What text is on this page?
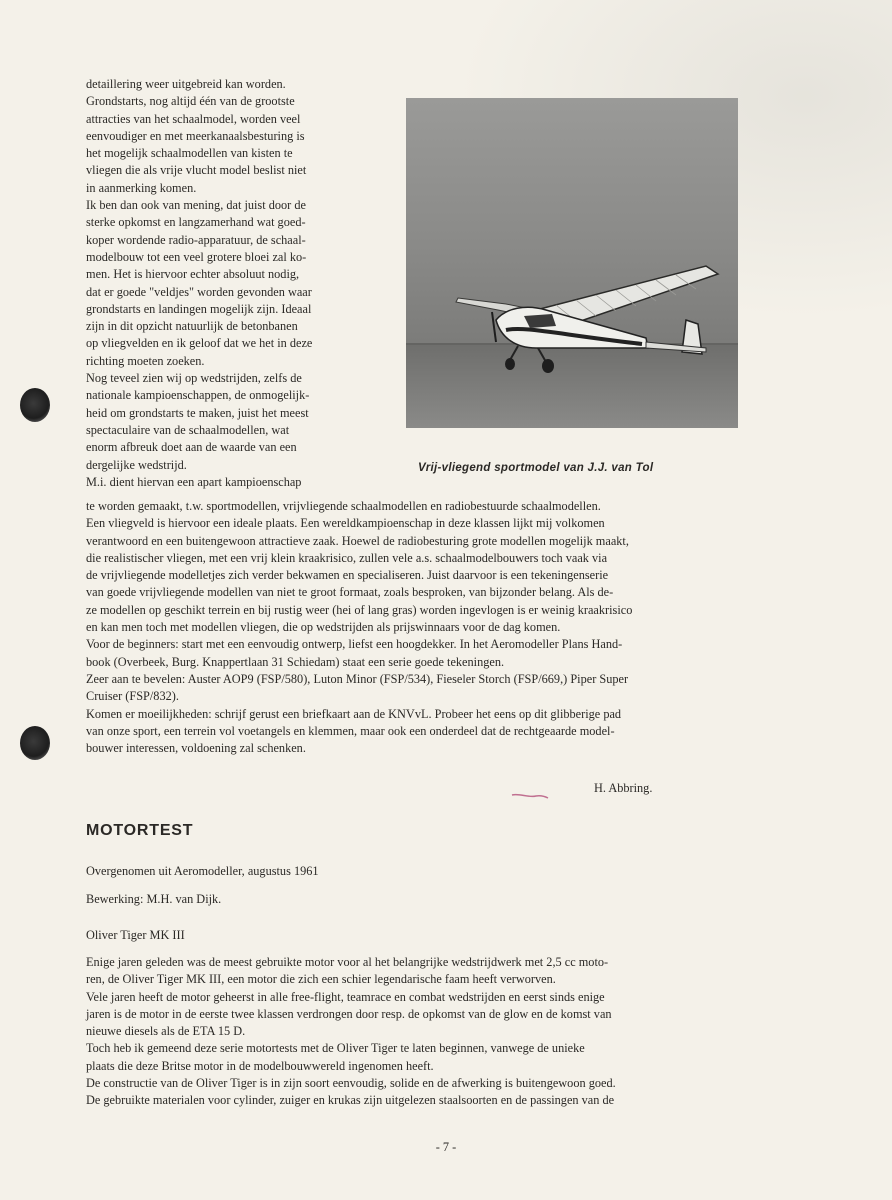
detaillering weer uitgebreid kan worden.

Grondstarts, nog altijd één van de grootste

attracties van het schaalmodel, worden veel

eenvoudiger en met meerkanaalsbesturing is

het mogelijk schaalmodellen van kisten te

vliegen die als vrije vlucht model beslist niet

in aanmerking komen.

Ik ben dan ook van mening, dat juist door de

sterke opkomst en langzamerhand wat goed-

koper wordende radio-apparatuur, de schaal-

modelbouw tot een veel grotere bloei zal ko-

men. Het is hiervoor echter absoluut nodig,

dat er goede "veldjes" worden gevonden waar

grondstarts en landingen mogelijk zijn. Ideaal

zijn in dit opzicht natuurlijk de betonbanen

op vliegvelden en ik geloof dat we het in deze

richting moeten zoeken.

Nog teveel zien wij op wedstrijden, zelfs de

nationale kampioenschappen, de onmogelijk-

heid om grondstarts te maken, juist het meest

spectaculaire van de schaalmodellen, wat

enorm afbreuk doet aan de waarde van een

dergelijke wedstrijd.

M.i. dient hiervan een apart kampioenschap

Vrij-vliegend sportmodel van J.J. van Tol

te worden gemaakt, t.w. sportmodellen, vrijvliegende schaalmodellen en radiobestuurde schaalmodellen.

Een vliegveld is hiervoor een ideale plaats. Een wereldkampioenschap in deze klassen lijkt mij volkomen

verantwoord en een buitengewoon attractieve zaak. Hoewel de radiobesturing grote modellen mogelijk maakt,

die realistischer vliegen, met een vrij klein kraakrisico, zullen vele a.s. schaalmodelbouwers toch vaak via

de vrijvliegende modelletjes zich verder bekwamen en specialiseren. Juist daarvoor is een tekeningenserie

van goede vrijvliegende modellen van niet te groot formaat, zoals besproken, van bijzonder belang. Als de-

ze modellen op geschikt terrein en bij rustig weer (hei of lang gras) worden ingevlogen is er weinig kraakrisico

en kan men toch met modellen vliegen, die op wedstrijden als prijswinnaars voor de dag komen.

Voor de beginners: start met een eenvoudig ontwerp, liefst een hoogdekker. In het Aeromodeller Plans Hand-

book (Overbeek, Burg. Knappertlaan 31 Schiedam) staat een serie goede tekeningen.

Zeer aan te bevelen: Auster AOP9 (FSP/580), Luton Minor (FSP/534), Fieseler Storch (FSP/669,) Piper Super

Cruiser (FSP/832).

Komen er moeilijkheden: schrijf gerust een briefkaart aan de KNVvL. Probeer het eens op dit glibberige pad

van onze sport, een terrein vol voetangels en klemmen, maar ook een onderdeel dat de rechtgeaarde model-

bouwer interessen, voldoening zal schenken.

H. Abbring.
MOTORTEST
Overgenomen uit Aeromodeller, augustus 1961
Bewerking: M.H. van Dijk.
Oliver Tiger MK III

Enige jaren geleden was de meest gebruikte motor voor al het belangrijke wedstrijdwerk met 2,5 cc moto-

ren, de Oliver Tiger MK III, een motor die zich een schier legendarische faam heeft verworven.

Vele jaren heeft de motor geheerst in alle free-flight, teamrace en combat wedstrijden en eerst sinds enige

jaren is de motor in de eerste twee klassen verdrongen door resp. de opkomst van de glow en de komst van

nieuwe diesels als de ETA 15 D.

Toch heb ik gemeend deze serie motortests met de Oliver Tiger te laten beginnen, vanwege de unieke

plaats die deze Britse motor in de modelbouwwereld ingenomen heeft.

De constructie van de Oliver Tiger is in zijn soort eenvoudig, solide en de afwerking is buitengewoon goed.

De gebruikte materialen voor cylinder, zuiger en krukas zijn uitgelezen staalsoorten en de passingen van de

- 7 -
